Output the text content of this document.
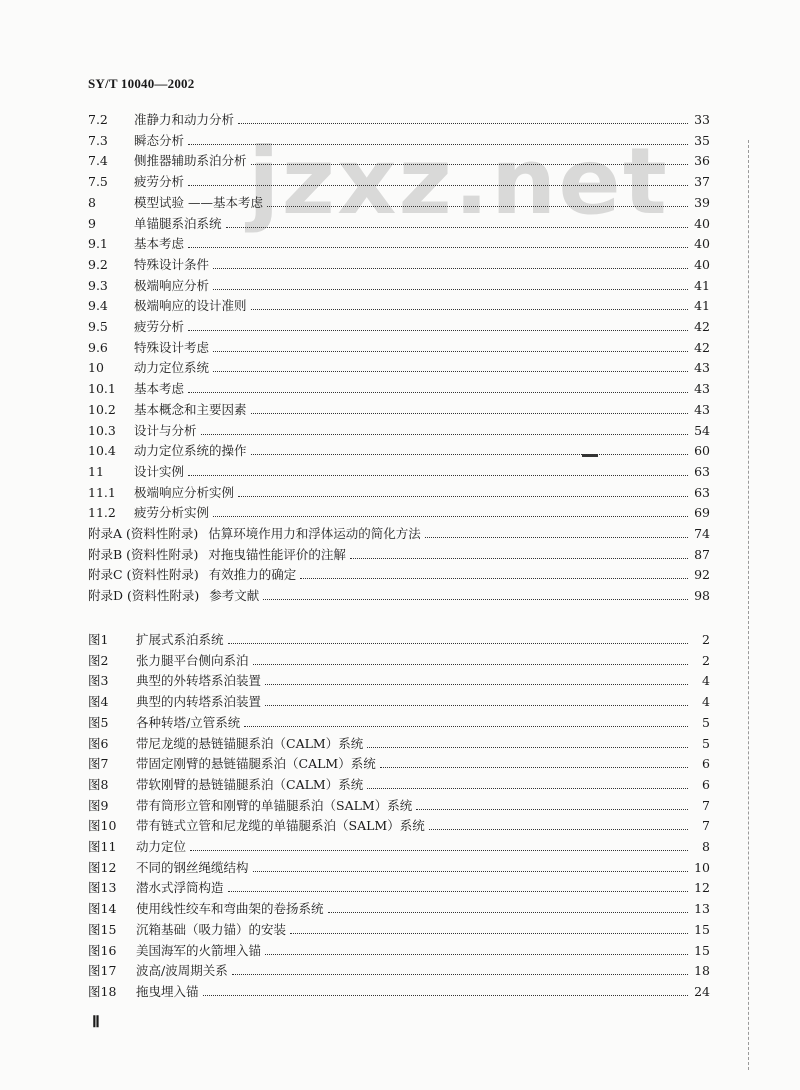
SY/T 10040—2002
jzxz.net
7.2	准静力和动力分析	33
7.3	瞬态分析	35
7.4	侧推器辅助系泊分析	36
7.5	疲劳分析	37
8	模型试验 ——基本考虑	39
9	单锚腿系泊系统	40
9.1	基本考虑	40
9.2	特殊设计条件	40
9.3	极端响应分析	41
9.4	极端响应的设计准则	41
9.5	疲劳分析	42
9.6	特殊设计考虑	42
10	动力定位系统	43
10.1	基本考虑	43
10.2	基本概念和主要因素	43
10.3	设计与分析	54
10.4	动力定位系统的操作	60
11	设计实例	63
11.1	极端响应分析实例	63
11.2	疲劳分析实例	69
附录A (资料性附录) 估算环境作用力和浮体运动的简化方法	74
附录B (资料性附录) 对拖曳锚性能评价的注解	87
附录C (资料性附录) 有效推力的确定	92
附录D (资料性附录) 参考文献	98
图1	扩展式系泊系统	2
图2	张力腿平台侧向系泊	2
图3	典型的外转塔系泊装置	4
图4	典型的内转塔系泊装置	4
图5	各种转塔/立管系统	5
图6	带尼龙缆的悬链锚腿系泊（CALM）系统	5
图7	带固定刚臂的悬链锚腿系泊（CALM）系统	6
图8	带软刚臂的悬链锚腿系泊（CALM）系统	6
图9	带有筒形立管和刚臂的单锚腿系泊（SALM）系统	7
图10	带有链式立管和尼龙缆的单锚腿系泊（SALM）系统	7
图11	动力定位	8
图12	不同的钢丝绳缆结构	10
图13	潜水式浮筒构造	12
图14	使用线性绞车和弯曲架的卷扬系统	13
图15	沉箱基础（吸力锚）的安装	15
图16	美国海军的火箭埋入锚	15
图17	波高/波周期关系	18
图18	拖曳埋入锚	24
Ⅱ
